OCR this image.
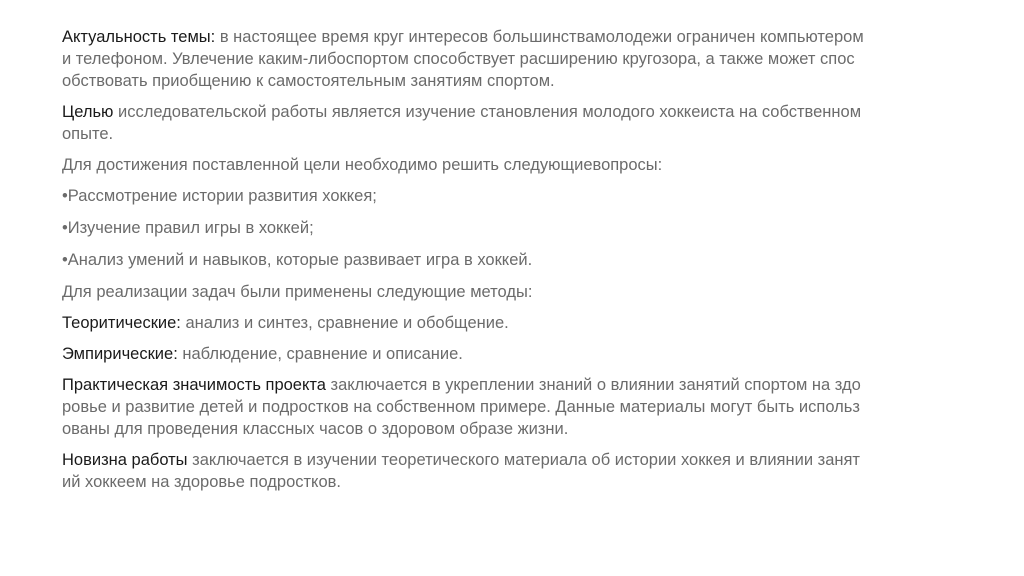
Актуальность темы: в настоящее время круг интересов большинствамолодежи ограничен компьютером
и телефоном. Увлечение каким-либоспортом способствует расширению кругозора, а также может спос
обствовать приобщению к самостоятельным занятиям спортом.

Целью исследовательской работы является изучение становления молодого хоккеиста на собственном
опыте.

Для достижения поставленной цели необходимо решить следующиевопросы:

•Рассмотрение истории развития хоккея;

•Изучение правил игры в хоккей;

•Анализ умений и навыков, которые развивает игра в хоккей.

Для реализации задач были применены следующие методы:

Теоритические: анализ и синтез, сравнение и обобщение.

Эмпирические: наблюдение, сравнение и описание.

Практическая значимость проекта заключается в укреплении знаний о влиянии занятий спортом на здо
ровье и развитие детей и подростков на собственном примере. Данные материалы могут быть использ
ованы для проведения классных часов о здоровом образе жизни.

Новизна работы заключается в изучении теоретического материала об истории хоккея и влиянии занят
ий хоккеем на здоровье подростков.
